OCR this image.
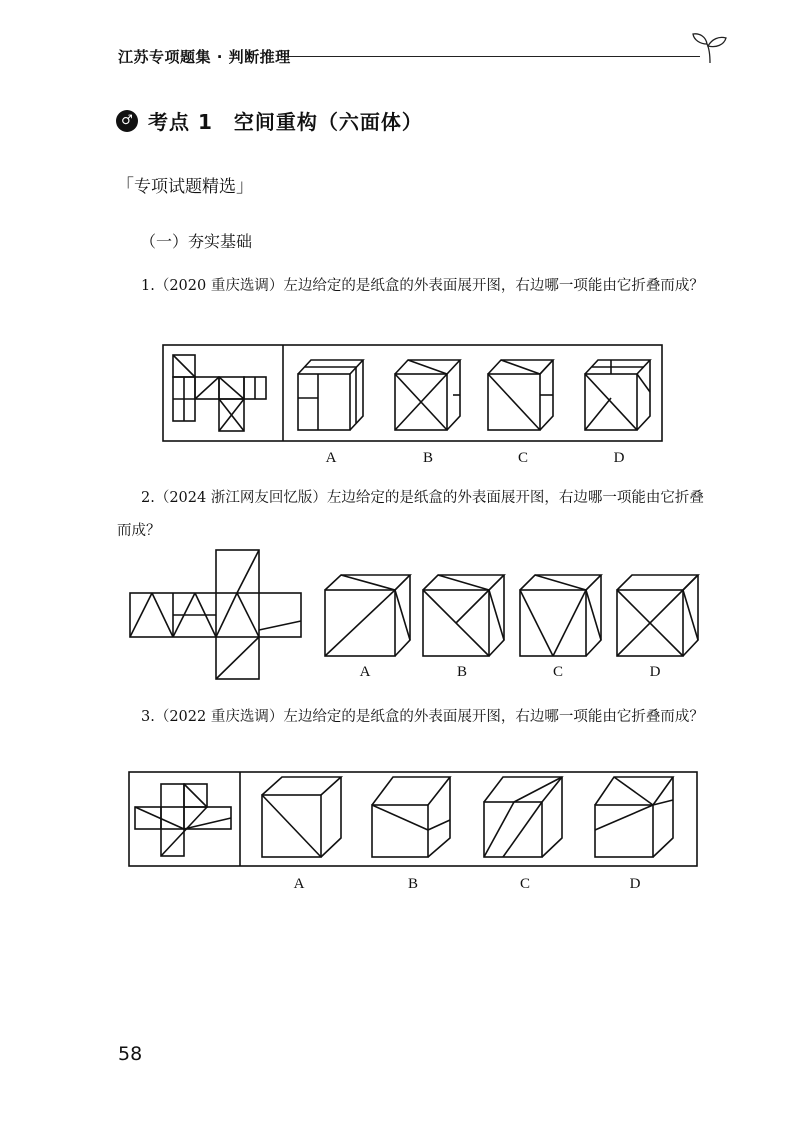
江苏专项题集 · 判断推理
♂ 考点 1　空间重构（六面体）
「专项试题精选」
（一）夯实基础

1.（2020 重庆选调）左边给定的是纸盒的外表面展开图，右边哪一项能由它折叠而成？

A	B	C	D

2.（2024 浙江网友回忆版）左边给定的是纸盒的外表面展开图，右边哪一项能由它折叠而成？

A	B	C	D

3.（2022 重庆选调）左边给定的是纸盒的外表面展开图，右边哪一项能由它折叠而成？

A	B	C	D
58
